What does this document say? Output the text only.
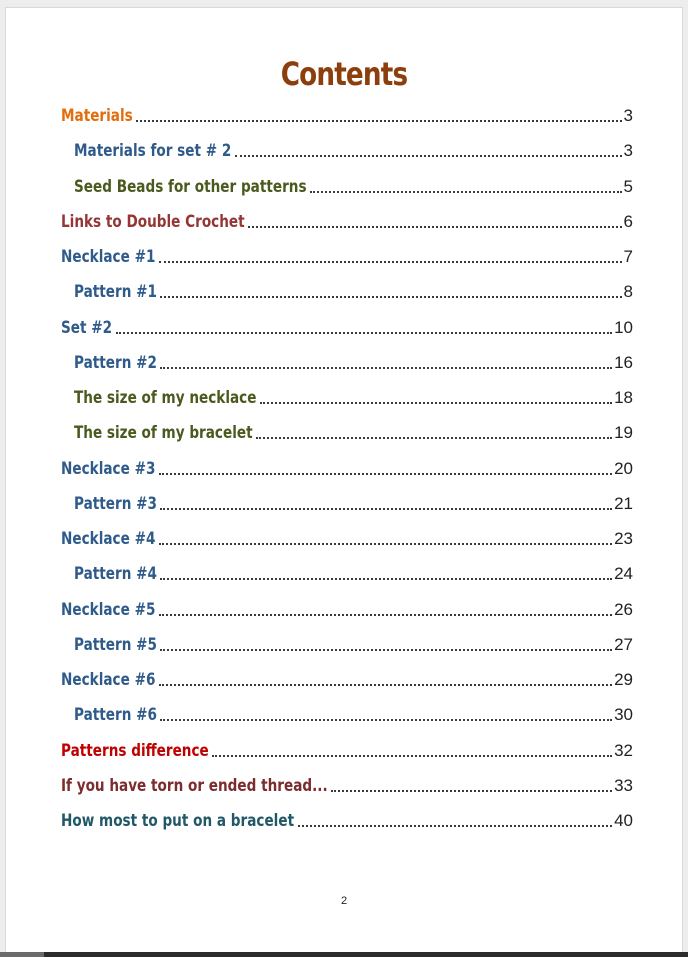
Contents
Materials	3
Materials for set # 2	3
Seed Beads for other patterns	5
Links to Double Crochet	6
Necklace #1	7
Pattern #1	8
Set #2	10
Pattern #2	16
The size of my necklace	18
The size of my bracelet	19
Necklace #3	20
Pattern #3	21
Necklace #4	23
Pattern #4	24
Necklace #5	26
Pattern #5	27
Necklace #6	29
Pattern #6	30
Patterns difference	32
If you have torn or ended thread...	33
How most to put on a bracelet	40
2
